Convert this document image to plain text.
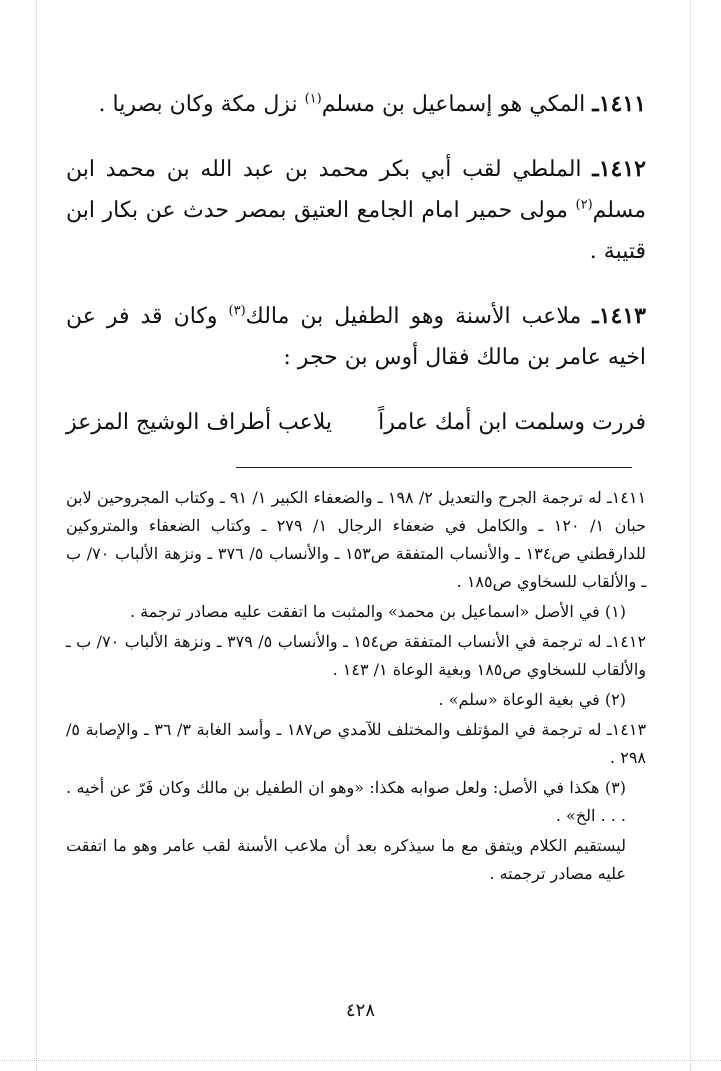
١٤١١ـ المكي هو إسماعيل بن مسلم$^{(١)}$ نزل مكة وكان بصريا .

١٤١٢ـ الملطي لقب أبي بكر محمد بن عبد الله بن محمد ابن مسلم$^{(٢)}$ مولى حمير امام الجامع العتيق بمصر حدث عن بكار ابن قتيبة .

١٤١٣ـ ملاعب الأسنة وهو الطفيل بن مالك$^{(٣)}$ وكان قد فر عن اخيه عامر بن مالك فقال أوس بن حجر :

فررت وسلمت ابن أمك عامراً
يلاعب أطراف الوشيج المزعز

١٤١١ـ له ترجمة الجرح والتعديل ٢/ ١٩٨ ـ والضعفاء الكبير ١/ ٩١ ـ وكتاب المجروحين لابن حبان ١/ ١٢٠ ـ والكامل في ضعفاء الرجال ١/ ٢٧٩ ـ وكتاب الضعفاء والمتروكين للدارقطني ص١٣٤ ـ والأنساب المتفقة ص١٥٣ ـ والأنساب ٥/ ٣٧٦ ـ ونزهة الألباب ٧٠/ ب ـ والألقاب للسخاوي ص١٨٥ .

(١) في الأصل «اسماعيل بن محمد» والمثبت ما اتفقت عليه مصادر ترجمة .

١٤١٢ـ له ترجمة في الأنساب المتفقة ص١٥٤ ـ والأنساب ٥/ ٣٧٩ ـ ونزهة الألباب ٧٠/ ب ـ والألقاب للسخاوي ص١٨٥ وبغية الوعاة ١/ ١٤٣ .

(٢) في بغية الوعاة «سلم» .

١٤١٣ـ له ترجمة في المؤتلف والمختلف للآمدي ص١٨٧ ـ وأسد الغابة ٣/ ٣٦ ـ والإصابة ٥/ ٢٩٨ .

(٣) هكذا في الأصل: ولعل صوابه هكذا: «وهو ان الطفيل بن مالك وكان فَرّ عن أخيه . . . . الخ» .

ليستقيم الكلام ويتفق مع ما سيذكره بعد أن ملاعب الأسنة لقب عامر وهو ما اتفقت عليه مصادر ترجمته .

٤٢٨
